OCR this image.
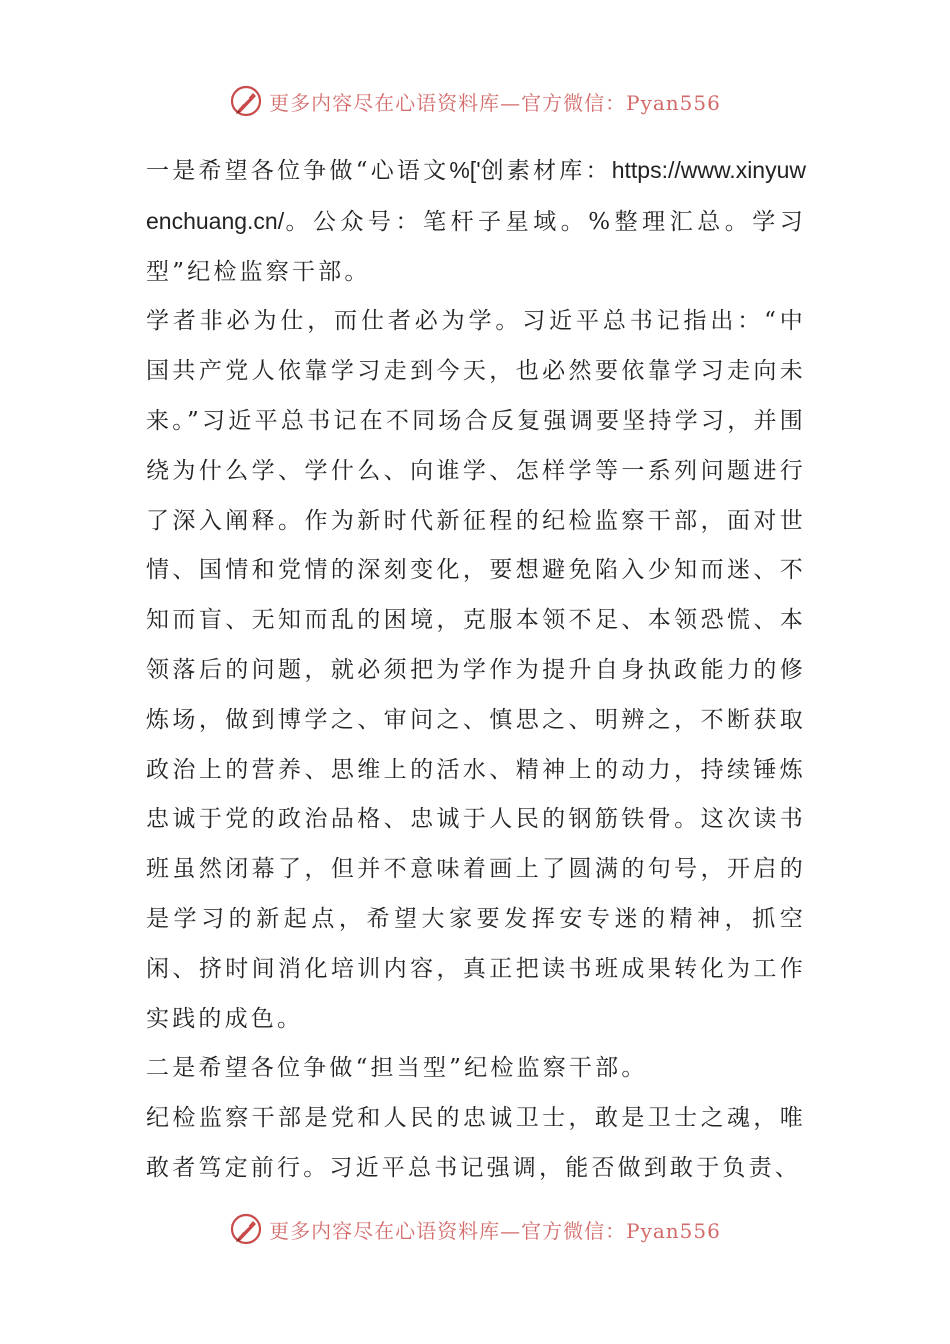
更多内容尽在心语资料库—官方微信：Pyan556

一是希望各位争做“心语文%['创素材库：https://www.xinyuwenchuang.cn/。公众号：笔杆子星域。%整理汇总。学习型”纪检监察干部。

学者非必为仕，而仕者必为学。习近平总书记指出：“中国共产党人依靠学习走到今天，也必然要依靠学习走向未来。”习近平总书记在不同场合反复强调要坚持学习，并围绕为什么学、学什么、向谁学、怎样学等一系列问题进行了深入阐释。作为新时代新征程的纪检监察干部，面对世情、国情和党情的深刻变化，要想避免陷入少知而迷、不知而盲、无知而乱的困境，克服本领不足、本领恐慌、本领落后的问题，就必须把为学作为提升自身执政能力的修炼场，做到博学之、审问之、慎思之、明辨之，不断获取政治上的营养、思维上的活水、精神上的动力，持续锤炼忠诚于党的政治品格、忠诚于人民的钢筋铁骨。这次读书班虽然闭幕了，但并不意味着画上了圆满的句号，开启的是学习的新起点，希望大家要发挥安专迷的精神，抓空闲、挤时间消化培训内容，真正把读书班成果转化为工作实践的成色。

二是希望各位争做“担当型”纪检监察干部。

纪检监察干部是党和人民的忠诚卫士，敢是卫士之魂，唯敢者笃定前行。习近平总书记强调，能否做到敢于负责、

更多内容尽在心语资料库—官方微信：Pyan556
